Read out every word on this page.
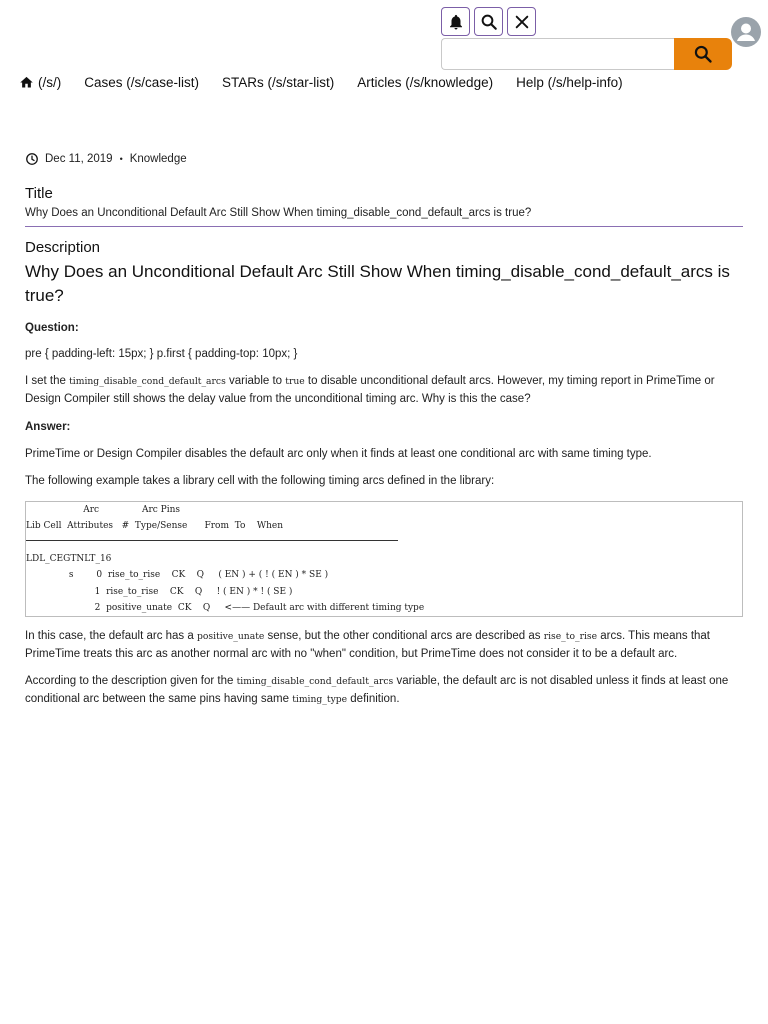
(/s/) Cases (/s/case-list) STARs (/s/star-list) Articles (/s/knowledge) Help (/s/help-info)
Dec 11, 2019 • Knowledge
Title
Why Does an Unconditional Default Arc Still Show When timing_disable_cond_default_arcs is true?
Description
Why Does an Unconditional Default Arc Still Show When timing_disable_cond_default_arcs is true?
Question:
pre { padding-left: 15px; } p.first { padding-top: 10px; }
I set the timing_disable_cond_default_arcs variable to true to disable unconditional default arcs. However, my timing report in PrimeTime or Design Compiler still shows the delay value from the unconditional timing arc. Why is this the case?
Answer:
PrimeTime or Design Compiler disables the default arc only when it finds at least one conditional arc with same timing type.
The following example takes a library cell with the following timing arcs defined in the library:
Arc               Arc Pins
Lib Cell  Attributes   #  Type/Sense      From  To    When
LDL_CEGTNLT_16
s        0  rise_to_rise    CK    Q     ( EN ) + ( ! ( EN ) * SE )
1  rise_to_rise    CK    Q     ! ( EN ) * ! ( SE )
2  positive_unate  CK    Q     <—— Default arc with different timing type
In this case, the default arc has a positive_unate sense, but the other conditional arcs are described as rise_to_rise arcs. This means that PrimeTime treats this arc as another normal arc with no "when" condition, but PrimeTime does not consider it to be a default arc.
According to the description given for the timing_disable_cond_default_arcs variable, the default arc is not disabled unless it finds at least one conditional arc between the same pins having same timing_type definition.
